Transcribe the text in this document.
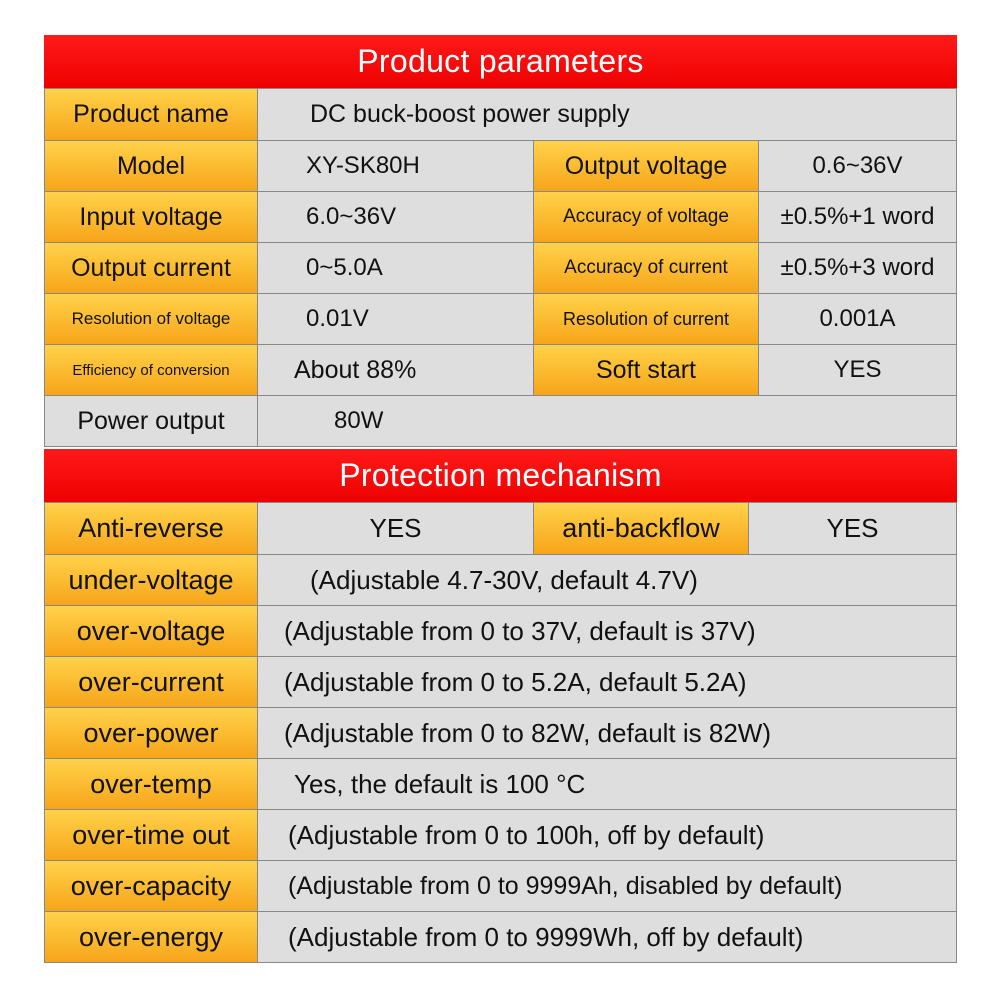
Product parameters
Product name	DC buck-boost power supply
Model	XY-SK80H	Output voltage	0.6~36V
Input voltage	6.0~36V	Accuracy of voltage	±0.5%+1 word
Output current	0~5.0A	Accuracy of current	±0.5%+3 word
Resolution of voltage	0.01V	Resolution of current	0.001A
Efficiency of conversion	About 88%	Soft start	YES
Power output	80W
Protection mechanism
Anti-reverse	YES	anti-backflow	YES
under-voltage	(Adjustable 4.7-30V, default 4.7V)
over-voltage	(Adjustable from 0 to 37V, default is 37V)
over-current	(Adjustable from 0 to 5.2A, default 5.2A)
over-power	(Adjustable from 0 to 82W, default is 82W)
over-temp	Yes, the default is 100 °C
over-time out	(Adjustable from 0 to 100h, off by default)
over-capacity	(Adjustable from 0 to 9999Ah, disabled by default)
over-energy	(Adjustable from 0 to 9999Wh, off by default)
